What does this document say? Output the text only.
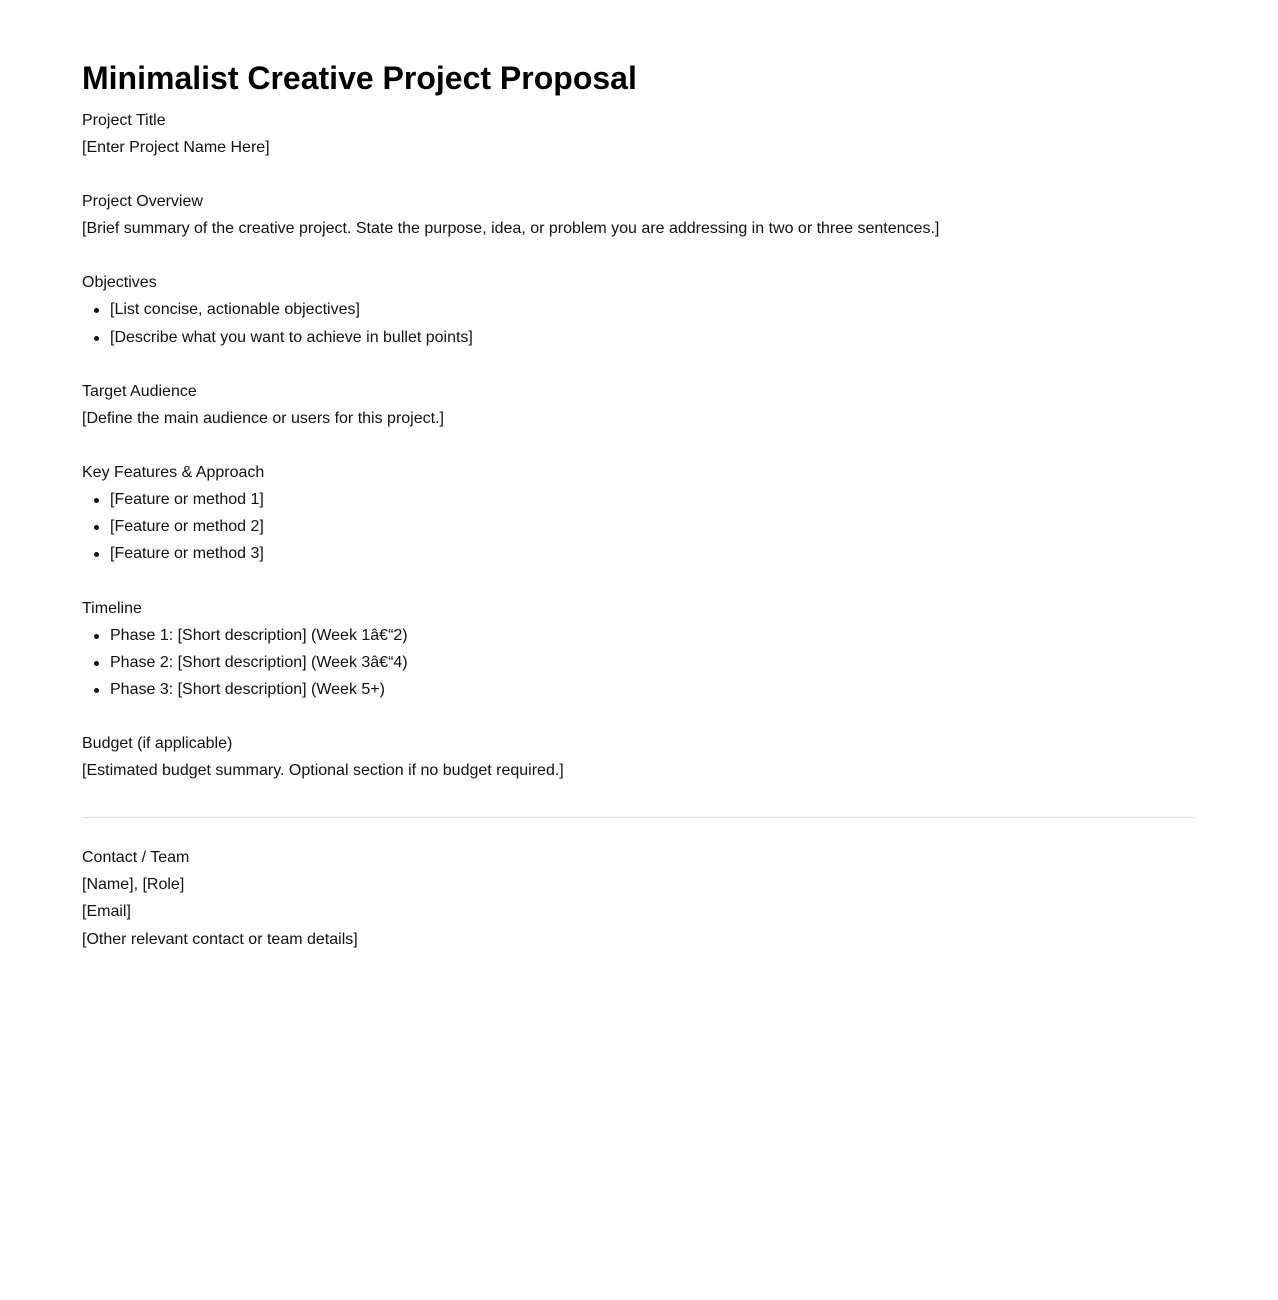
Minimalist Creative Project Proposal
Project Title
[Enter Project Name Here]
Project Overview
[Brief summary of the creative project. State the purpose, idea, or problem you are addressing in two or three sentences.]
Objectives
[List concise, actionable objectives]
[Describe what you want to achieve in bullet points]
Target Audience
[Define the main audience or users for this project.]
Key Features & Approach
[Feature or method 1]
[Feature or method 2]
[Feature or method 3]
Timeline
Phase 1: [Short description] (Week 1â€“2)
Phase 2: [Short description] (Week 3â€“4)
Phase 3: [Short description] (Week 5+)
Budget (if applicable)
[Estimated budget summary. Optional section if no budget required.]
Contact / Team
[Name], [Role]
[Email]
[Other relevant contact or team details]
